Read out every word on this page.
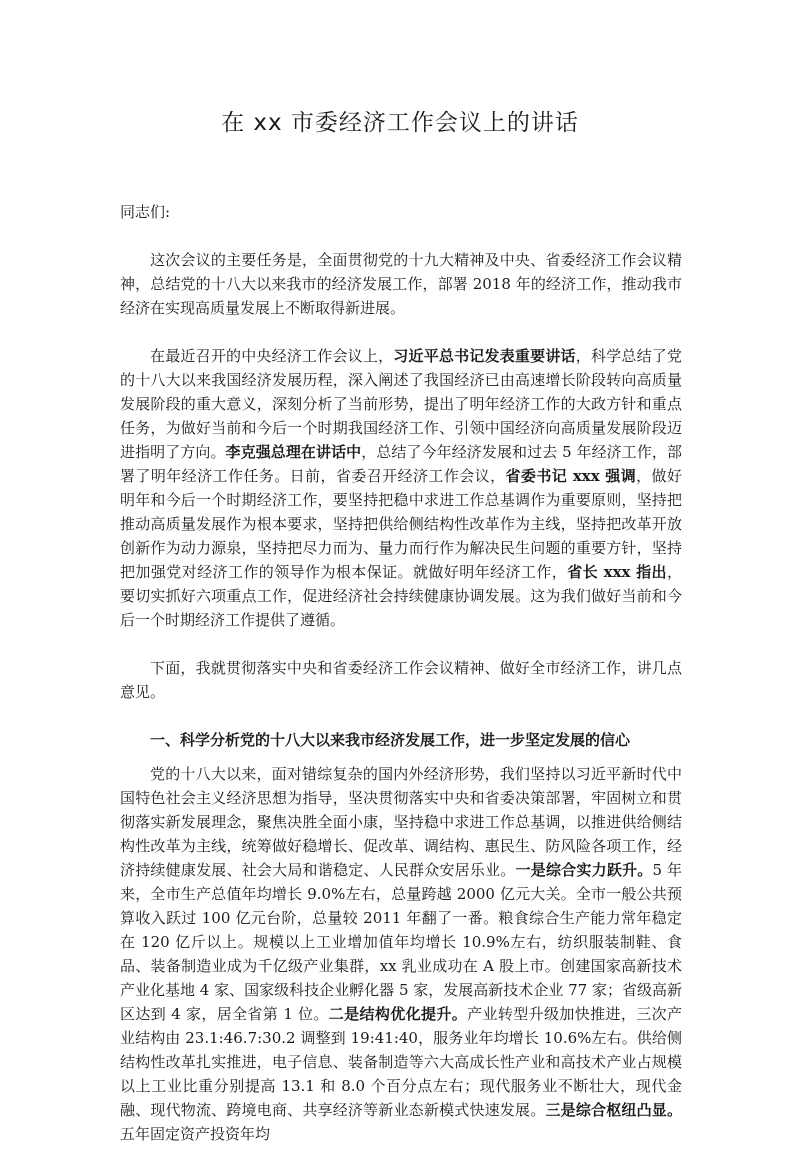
在 xx 市委经济工作会议上的讲话

同志们:

这次会议的主要任务是，全面贯彻党的十九大精神及中央、省委经济工作会议精神，总结党的十八大以来我市的经济发展工作，部署 2018 年的经济工作，推动我市经济在实现高质量发展上不断取得新进展。

在最近召开的中央经济工作会议上，习近平总书记发表重要讲话，科学总结了党的十八大以来我国经济发展历程，深入阐述了我国经济已由高速增长阶段转向高质量发展阶段的重大意义，深刻分析了当前形势，提出了明年经济工作的大政方针和重点任务，为做好当前和今后一个时期我国经济工作、引领中国经济向高质量发展阶段迈进指明了方向。李克强总理在讲话中，总结了今年经济发展和过去 5 年经济工作，部署了明年经济工作任务。日前，省委召开经济工作会议，省委书记 xxx 强调，做好明年和今后一个时期经济工作，要坚持把稳中求进工作总基调作为重要原则，坚持把推动高质量发展作为根本要求，坚持把供给侧结构性改革作为主线，坚持把改革开放创新作为动力源泉，坚持把尽力而为、量力而行作为解决民生问题的重要方针，坚持把加强党对经济工作的领导作为根本保证。就做好明年经济工作，省长 xxx 指出，要切实抓好六项重点工作，促进经济社会持续健康协调发展。这为我们做好当前和今后一个时期经济工作提供了遵循。

下面，我就贯彻落实中央和省委经济工作会议精神、做好全市经济工作，讲几点意见。

一、科学分析党的十八大以来我市经济发展工作，进一步坚定发展的信心

党的十八大以来，面对错综复杂的国内外经济形势，我们坚持以习近平新时代中国特色社会主义经济思想为指导，坚决贯彻落实中央和省委决策部署，牢固树立和贯彻落实新发展理念，聚焦决胜全面小康，坚持稳中求进工作总基调，以推进供给侧结构性改革为主线，统筹做好稳增长、促改革、调结构、惠民生、防风险各项工作，经济持续健康发展、社会大局和谐稳定、人民群众安居乐业。一是综合实力跃升。5 年来，全市生产总值年均增长 9.0%左右，总量跨越 2000 亿元大关。全市一般公共预算收入跃过 100 亿元台阶，总量较 2011 年翻了一番。粮食综合生产能力常年稳定在 120 亿斤以上。规模以上工业增加值年均增长 10.9%左右，纺织服装制鞋、食品、装备制造业成为千亿级产业集群，xx 乳业成功在 A 股上市。创建国家高新技术产业化基地 4 家、国家级科技企业孵化器 5 家，发展高新技术企业 77 家；省级高新区达到 4 家，居全省第 1 位。二是结构优化提升。产业转型升级加快推进，三次产业结构由 23.1:46.7:30.2 调整到 19:41:40，服务业年均增长 10.6%左右。供给侧结构性改革扎实推进，电子信息、装备制造等六大高成长性产业和高技术产业占规模以上工业比重分别提高 13.1 和 8.0 个百分点左右；现代服务业不断壮大，现代金融、现代物流、跨境电商、共享经济等新业态新模式快速发展。三是综合枢纽凸显。五年固定资产投资年均
